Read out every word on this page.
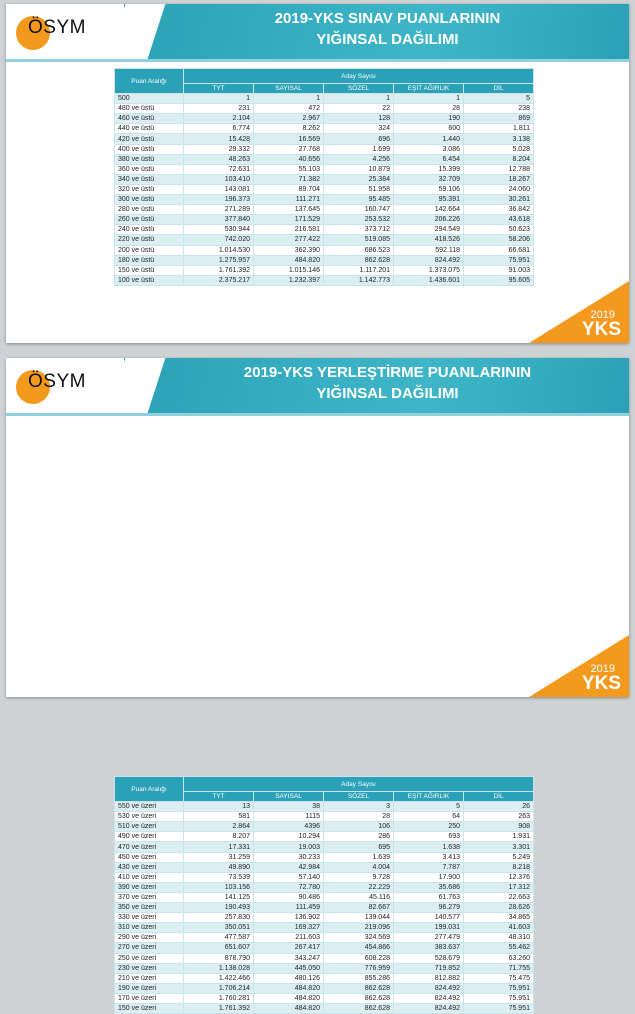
ÖSYM	2019-YKS SINAV PUANLARININ
YIĞINSAL DAĞILIMI
Puan Aralığı	Aday Sayısı				
	TYT	SAYISAL	SÖZEL	EŞİT AĞIRLIK	DİL
500	1	1	1	1	5
480 ve üstü	231	472	22	28	238
460 ve üstü	2.104	2.967	128	190	869
440 ve üstü	6.774	8.262	324	600	1.811
420 ve üstü	15.428	16.569	696	1.440	3.138
400 ve üstü	29.332	27.768	1.699	3.086	5.028
380 ve üstü	48.263	40.656	4.256	6.454	8.204
360 ve üstü	72.631	55.103	10.879	15.399	12.788
340 ve üstü	103.410	71.382	25.384	32.709	18.267
320 ve üstü	143.081	89.704	51.958	59.106	24.060
300 ve üstü	196.373	111.271	95.485	95.391	30.261
280 ve üstü	271.289	137.645	160.747	142.664	36.842
260 ve üstü	377.840	171.529	253.532	206.226	43.618
240 ve üstü	530.944	216.581	373.712	294.549	50.623
220 ve üstü	742.020	277.422	519.085	418.526	58.206
200 ve üstü	1.014.530	362.390	686.523	592.118	66.681
180 ve üstü	1.275.957	484.820	862.628	824.492	75.951
150 ve üstü	1.761.392	1.015.146	1.117.201	1.373.075	91.003
100 ve üstü	2.375.217	1.232.397	1.142.773	1.436.601	95.605
2019
YKS
ÖSYM	2019-YKS YERLEŞTİRME PUANLARININ
YIĞINSAL DAĞILIMI
Puan Aralığı	Aday Sayısı				
	TYT	SAYISAL	SÖZEL	EŞİT AĞIRLIK	DİL
550 ve üzeri	13	38	3	5	26
530 ve üzeri	581	1115	28	64	263
510 ve üzeri	2.864	4396	106	250	908
490 ve üzeri	8.207	10.294	286	693	1.931
470 ve üzeri	17.331	19.003	695	1.638	3.301
450 ve üzeri	31.259	30.233	1.639	3.413	5.249
430 ve üzeri	49.890	42.984	4.004	7.787	8.218
410 ve üzeri	73.539	57.140	9.728	17.900	12.376
390 ve üzeri	103.156	72.780	22.229	35.686	17.312
370 ve üzeri	141.125	90.486	45.116	61.763	22.663
350 ve üzeri	190.493	111.459	82.667	96.279	28.626
330 ve üzeri	257.830	136.902	139.044	140.577	34.865
310 ve üzeri	350.051	169.327	219.096	199.031	41.603
290 ve üzeri	477.587	211.603	324.569	277.479	48.310
270 ve üzeri	651.607	267.417	454.866	383.637	55.462
250 ve üzeri	878.790	343.247	608.228	528.679	63.260
230 ve üzeri	1.138.028	445.050	776.959	719.852	71.755
210 ve üzeri	1.422.466	480.126	855.286	812.882	75.475
190 ve üzeri	1.706.214	484.820	862.628	824.492	75.951
170 ve üzeri	1.760.281	484.820	862.628	824.492	75.951
150 ve üzeri	1.761.392	484.820	862.628	824.492	75.951
2019
YKS
